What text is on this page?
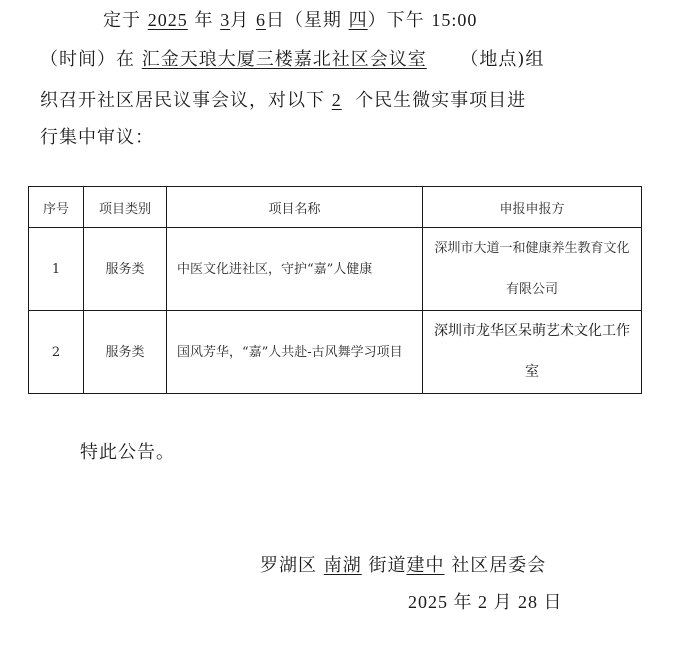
定于 2025 年 3月 6日（星期 四）下午 15:00
（时间）在 汇金天琅大厦三楼嘉北社区会议室 （地点)组
织召开社区居民议事会议，对以下 2 个民生微实事项目进
行集中审议：
序号	项目类别	项目名称	申报申报方
1	服务类	中医文化进社区，守护“嘉”人健康	深圳市大道一和健康养生教育文化有限公司
2	服务类	国风芳华，“嘉”人共赴-古风舞学习项目	深圳市龙华区呆萌艺术文化工作室
特此公告。
罗湖区 南湖 街道建中 社区居委会
2025 年 2 月 28 日
